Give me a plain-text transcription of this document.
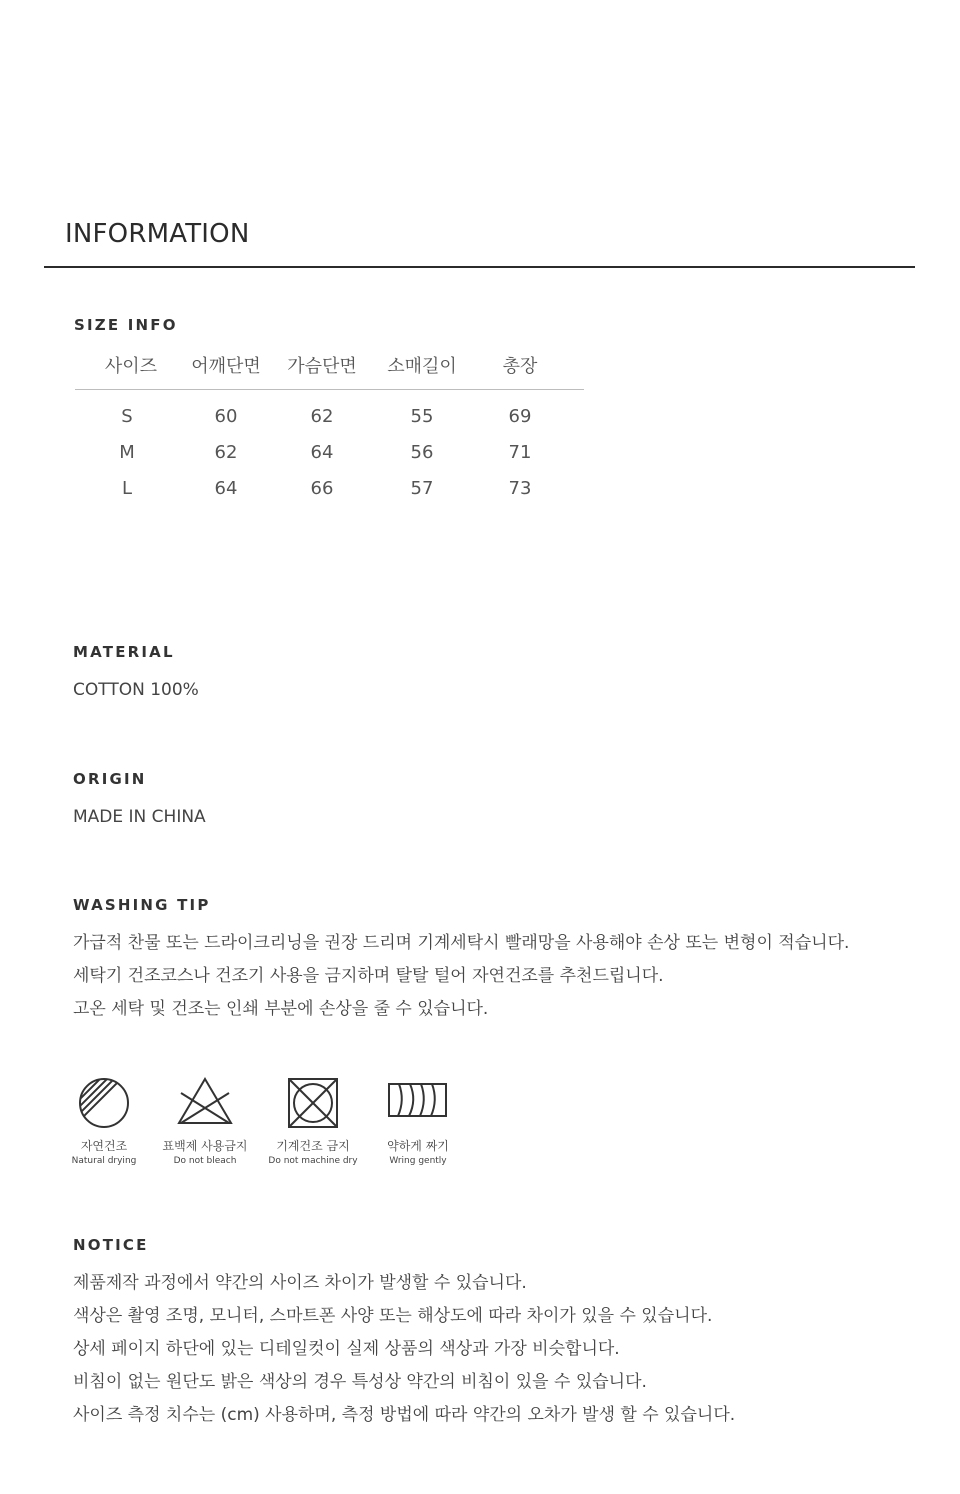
INFORMATION
SIZE INFO
사이즈	어깨단면	가슴단면	소매길이	총장
S	60	62	55	69
M	62	64	56	71
L	64	66	57	73
MATERIAL
COTTON 100%
ORIGIN
MADE IN CHINA
WASHING TIP

가급적 찬물 또는 드라이크리닝을 권장 드리며 기계세탁시 빨래망을 사용해야 손상 또는 변형이 적습니다.

세탁기 건조코스나 건조기 사용을 금지하며 탈탈 털어 자연건조를 추천드립니다.

고온 세탁 및 건조는 인쇄 부분에 손상을 줄 수 있습니다.

자연건조
Natural drying
표백제 사용금지
Do not bleach
기계건조 금지
Do not machine dry
약하게 짜기
Wring gently
NOTICE

제품제작 과정에서 약간의 사이즈 차이가 발생할 수 있습니다.

색상은 촬영 조명, 모니터, 스마트폰 사양 또는 해상도에 따라 차이가 있을 수 있습니다.

상세 페이지 하단에 있는 디테일컷이 실제 상품의 색상과 가장 비슷합니다.

비침이 없는 원단도 밝은 색상의 경우 특성상 약간의 비침이 있을 수 있습니다.

사이즈 측정 치수는 (cm) 사용하며, 측정 방법에 따라 약간의 오차가 발생 할 수 있습니다.
